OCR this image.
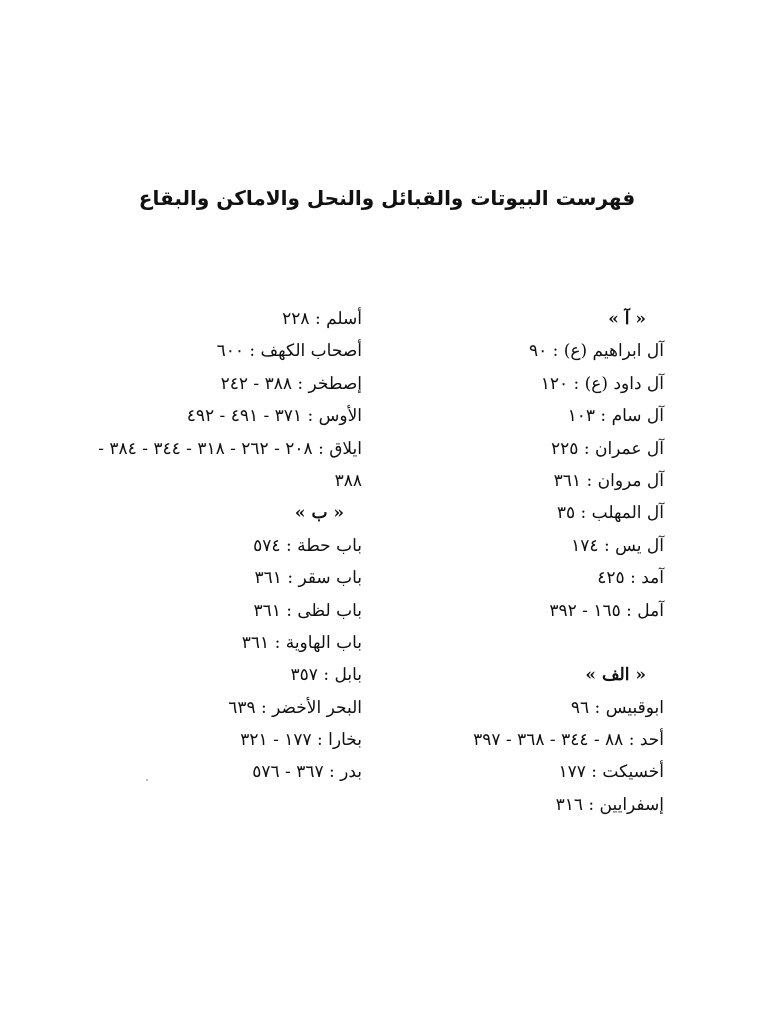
فهرست البيوتات والقبائل والنحل والاماكن والبقاع
« آ »
آل ابراهيم (ع) : ٩٠
آل داود (ع) : ١٢٠
آل سام : ١٠٣
آل عمران : ٢٢٥
آل مروان : ٣٦١
آل المهلب : ٣٥
آل يس : ١٧٤
آمد : ٤٢٥
آمل : ١٦٥ - ٣٩٢
« الف »
ابوقبيس : ٩٦
أحد : ٨٨ - ٣٤٤ - ٣٦٨ - ٣٩٧
أخسيكت : ١٧٧
إسفرايين : ٣١٦
أسلم : ٢٢٨
أصحاب الكهف : ٦٠٠
إصطخر : ٣٨٨ - ٢٤٢
الأوس : ٣٧١ - ٤٩١ - ٤٩٢
ايلاق : ٢٠٨ - ٢٦٢ - ٣١٨ - ٣٤٤ - ٣٨٤ -
٣٨٨
« ب »
باب حطة : ٥٧٤
باب سقر : ٣٦١
باب لظى : ٣٦١
باب الهاوية : ٣٦١
بابل : ٣٥٧
البحر الأخضر : ٦٣٩
بخارا : ١٧٧ - ٣٢١
بدر : ٣٦٧ - ٥٧٦
